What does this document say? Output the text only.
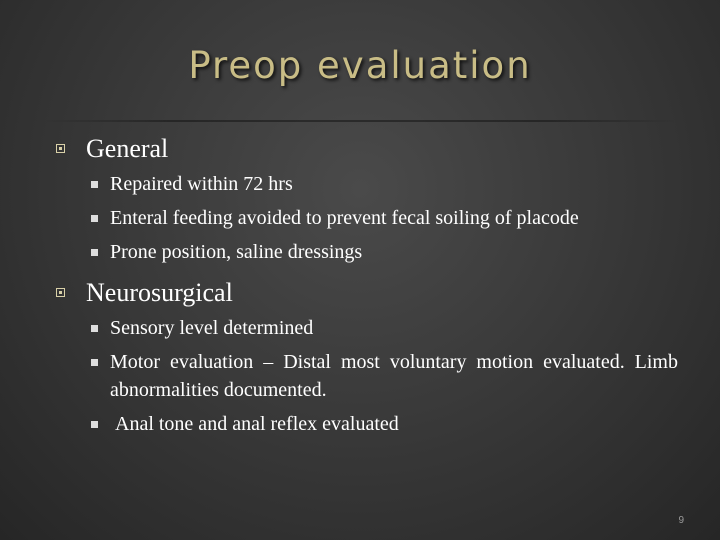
Preop evaluation
General
Repaired within 72 hrs
Enteral feeding avoided to prevent fecal soiling of placode
Prone position, saline dressings
Neurosurgical
Sensory level determined
Motor evaluation – Distal most voluntary motion evaluated. Limb abnormalities documented.
Anal tone and anal reflex evaluated
9
